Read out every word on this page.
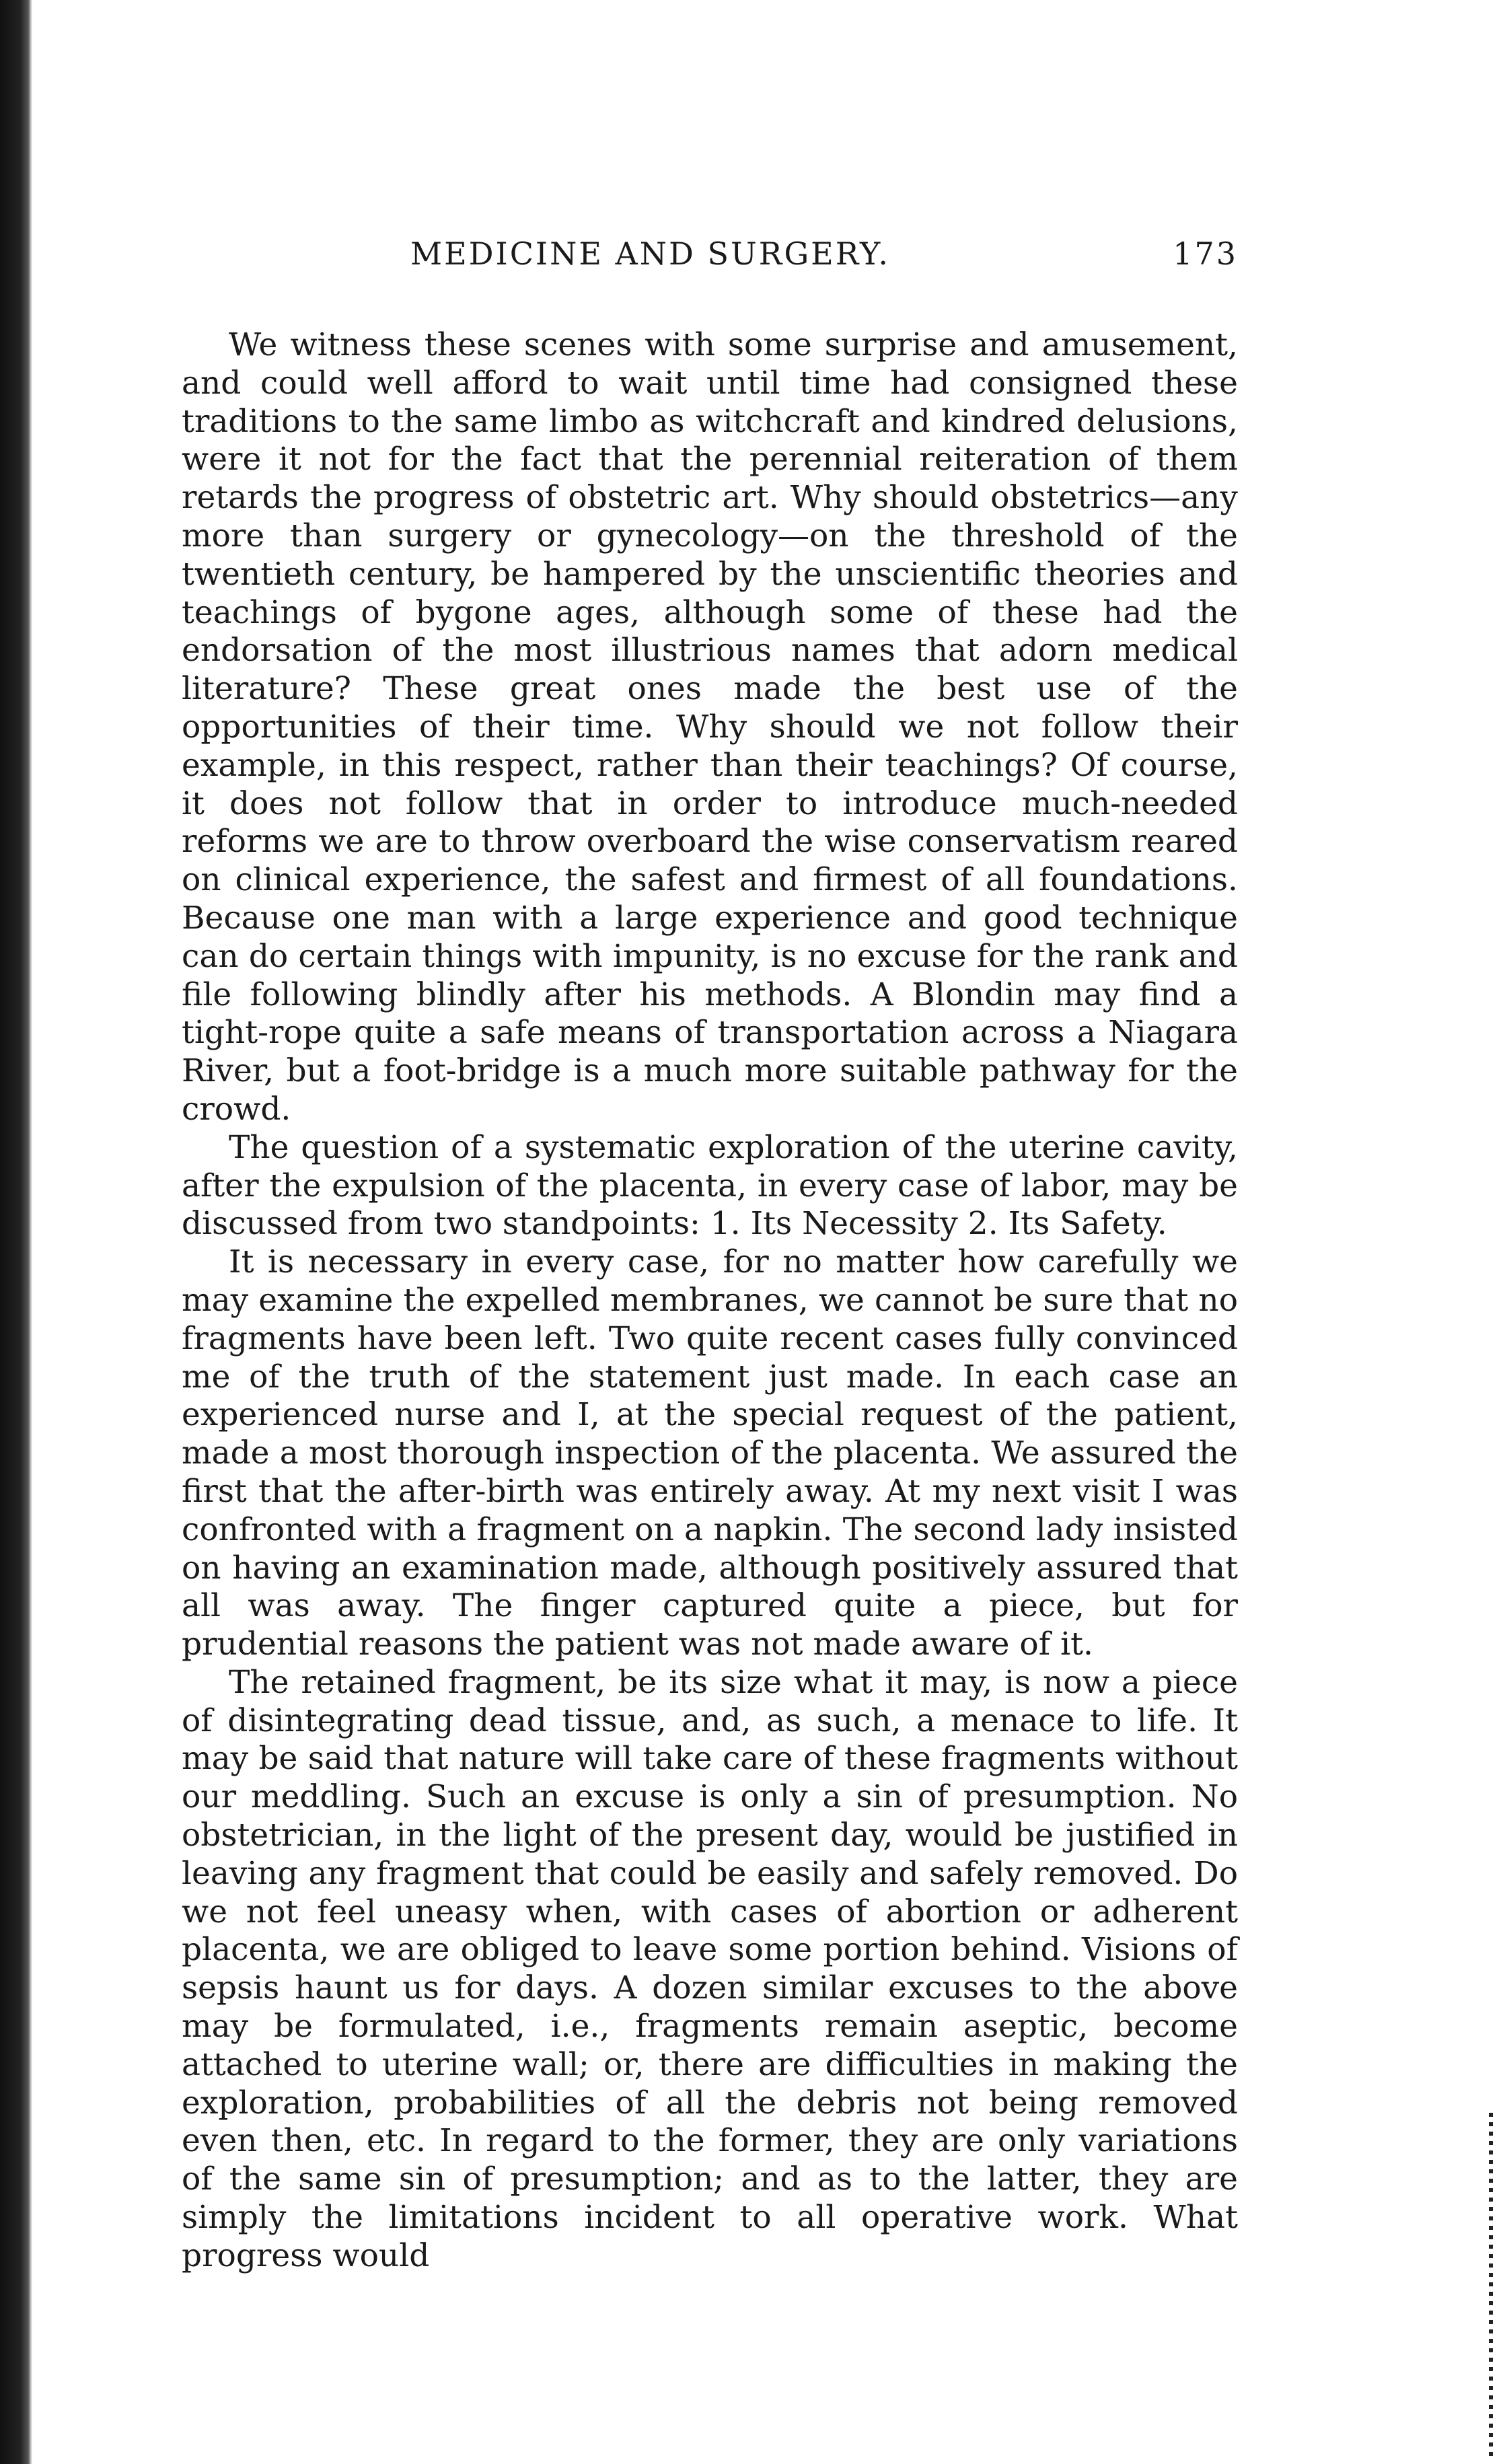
MEDICINE AND SURGERY.	173

We witness these scenes with some surprise and amusement, and could well afford to wait until time had consigned these traditions to the same limbo as witchcraft and kindred delusions, were it not for the fact that the perennial reiteration of them retards the progress of obstetric art. Why should obstetrics—any more than surgery or gynecology—on the threshold of the twentieth century, be hampered by the unscientific theories and teachings of bygone ages, although some of these had the endorsation of the most illustrious names that adorn medical literature? These great ones made the best use of the opportunities of their time. Why should we not follow their example, in this respect, rather than their teachings? Of course, it does not follow that in order to introduce much-needed reforms we are to throw overboard the wise conservatism reared on clinical experience, the safest and firmest of all foundations. Because one man with a large experience and good technique can do certain things with impunity, is no excuse for the rank and file following blindly after his methods. A Blondin may find a tight-rope quite a safe means of transportation across a Niagara River, but a foot-bridge is a much more suitable pathway for the crowd.

The question of a systematic exploration of the uterine cavity, after the expulsion of the placenta, in every case of labor, may be discussed from two standpoints: 1. Its Necessity 2. Its Safety.

It is necessary in every case, for no matter how carefully we may examine the expelled membranes, we cannot be sure that no fragments have been left. Two quite recent cases fully convinced me of the truth of the statement just made. In each case an experienced nurse and I, at the special request of the patient, made a most thorough inspection of the placenta. We assured the first that the after-birth was entirely away. At my next visit I was confronted with a fragment on a napkin. The second lady insisted on having an examination made, although positively assured that all was away. The finger captured quite a piece, but for prudential reasons the patient was not made aware of it.

The retained fragment, be its size what it may, is now a piece of disintegrating dead tissue, and, as such, a menace to life. It may be said that nature will take care of these fragments without our meddling. Such an excuse is only a sin of presumption. No obstetrician, in the light of the present day, would be justified in leaving any fragment that could be easily and safely removed. Do we not feel uneasy when, with cases of abortion or adherent placenta, we are obliged to leave some portion behind. Visions of sepsis haunt us for days. A dozen similar excuses to the above may be formulated, i.e., fragments remain aseptic, become attached to uterine wall; or, there are difficulties in making the exploration, probabilities of all the debris not being removed even then, etc. In regard to the former, they are only variations of the same sin of presumption; and as to the latter, they are simply the limitations incident to all operative work. What progress would
